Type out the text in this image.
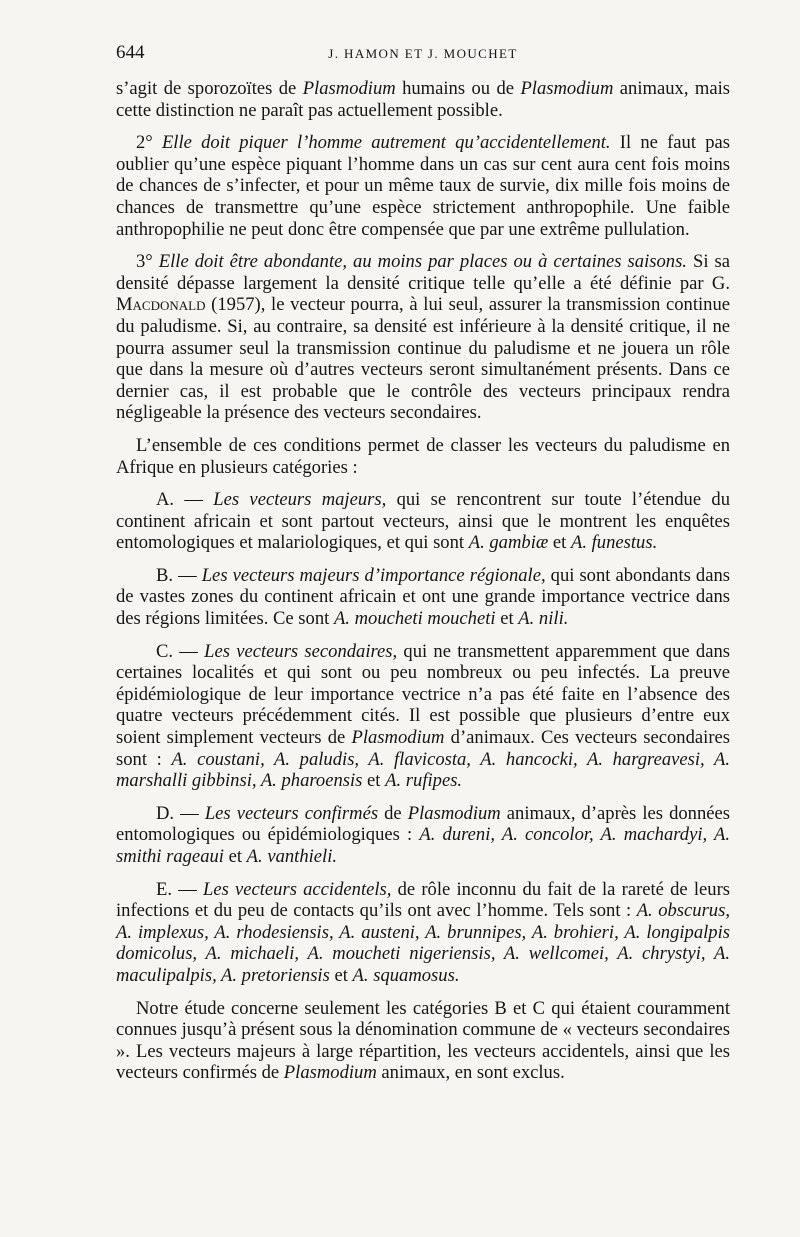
644	J. HAMON ET J. MOUCHET

s’agit de sporozoïtes de Plasmodium humains ou de Plasmodium animaux, mais cette distinction ne paraît pas actuellement possible.

2° Elle doit piquer l’homme autrement qu’accidentellement. Il ne faut pas oublier qu’une espèce piquant l’homme dans un cas sur cent aura cent fois moins de chances de s’infecter, et pour un même taux de survie, dix mille fois moins de chances de transmettre qu’une espèce strictement anthropophile. Une faible anthropophilie ne peut donc être compensée que par une extrême pullulation.

3° Elle doit être abondante, au moins par places ou à certaines saisons. Si sa densité dépasse largement la densité critique telle qu’elle a été définie par G. Macdonald (1957), le vecteur pourra, à lui seul, assurer la transmission continue du paludisme. Si, au contraire, sa densité est inférieure à la densité critique, il ne pourra assumer seul la transmission continue du paludisme et ne jouera un rôle que dans la mesure où d’autres vecteurs seront simultanément présents. Dans ce dernier cas, il est probable que le contrôle des vecteurs principaux rendra négligeable la présence des vecteurs secondaires.

L’ensemble de ces conditions permet de classer les vecteurs du paludisme en Afrique en plusieurs catégories :

A. — Les vecteurs majeurs, qui se rencontrent sur toute l’étendue du continent africain et sont partout vecteurs, ainsi que le montrent les enquêtes entomologiques et malariologiques, et qui sont A. gambiæ et A. funestus.

B. — Les vecteurs majeurs d’importance régionale, qui sont abondants dans de vastes zones du continent africain et ont une grande importance vectrice dans des régions limitées. Ce sont A. moucheti moucheti et A. nili.

C. — Les vecteurs secondaires, qui ne transmettent apparemment que dans certaines localités et qui sont ou peu nombreux ou peu infectés. La preuve épidémiologique de leur importance vectrice n’a pas été faite en l’absence des quatre vecteurs précédemment cités. Il est possible que plusieurs d’entre eux soient simplement vecteurs de Plasmodium d’animaux. Ces vecteurs secondaires sont : A. coustani, A. paludis, A. flavicosta, A. hancocki, A. hargreavesi, A. marshalli gibbinsi, A. pharoensis et A. rufipes.

D. — Les vecteurs confirmés de Plasmodium animaux, d’après les données entomologiques ou épidémiologiques : A. dureni, A. concolor, A. machardyi, A. smithi rageaui et A. vanthieli.

E. — Les vecteurs accidentels, de rôle inconnu du fait de la rareté de leurs infections et du peu de contacts qu’ils ont avec l’homme. Tels sont : A. obscurus, A. implexus, A. rhodesiensis, A. austeni, A. brunnipes, A. brohieri, A. longipalpis domicolus, A. michaeli, A. moucheti nigeriensis, A. wellcomei, A. chrystyi, A. maculipalpis, A. pretoriensis et A. squamosus.

Notre étude concerne seulement les catégories B et C qui étaient couramment connues jusqu’à présent sous la dénomination commune de « vecteurs secondaires ». Les vecteurs majeurs à large répartition, les vecteurs accidentels, ainsi que les vecteurs confirmés de Plasmodium animaux, en sont exclus.
